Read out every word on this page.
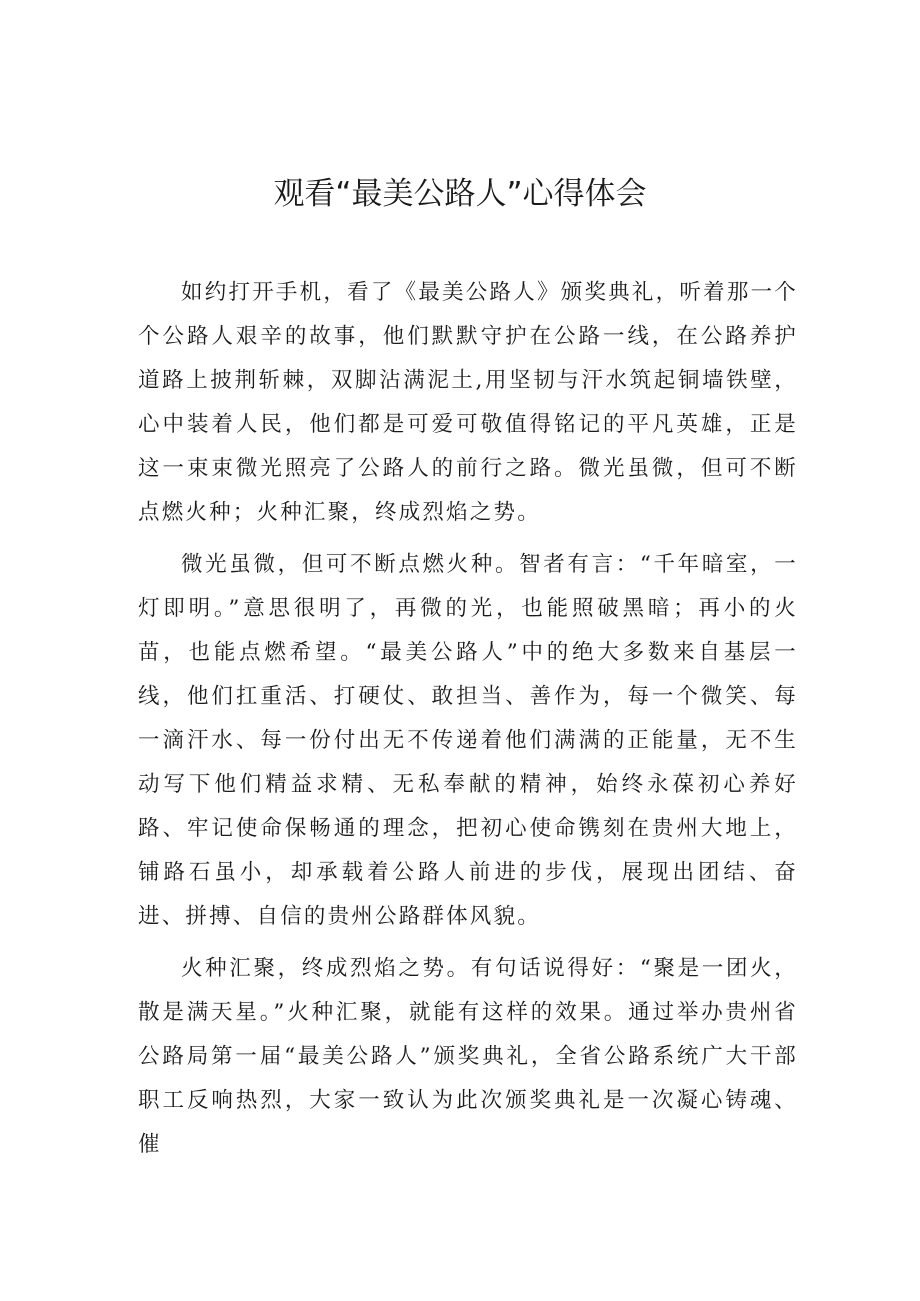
观看“最美公路人”心得体会

如约打开手机，看了《最美公路人》颁奖典礼，听着那一个个公路人艰辛的故事，他们默默守护在公路一线，在公路养护道路上披荆斩棘，双脚沾满泥土,用坚韧与汗水筑起铜墙铁壁，心中装着人民，他们都是可爱可敬值得铭记的平凡英雄，正是这一束束微光照亮了公路人的前行之路。微光虽微，但可不断点燃火种；火种汇聚，终成烈焰之势。

微光虽微，但可不断点燃火种。智者有言：“千年暗室，一灯即明。”意思很明了，再微的光，也能照破黑暗；再小的火苗，也能点燃希望。“最美公路人”中的绝大多数来自基层一线，他们扛重活、打硬仗、敢担当、善作为，每一个微笑、每一滴汗水、每一份付出无不传递着他们满满的正能量，无不生动写下他们精益求精、无私奉献的精神，始终永葆初心养好路、牢记使命保畅通的理念，把初心使命镌刻在贵州大地上，铺路石虽小，却承载着公路人前进的步伐，展现出团结、奋进、拼搏、自信的贵州公路群体风貌。

火种汇聚，终成烈焰之势。有句话说得好：“聚是一团火，散是满天星。”火种汇聚，就能有这样的效果。通过举办贵州省公路局第一届“最美公路人”颁奖典礼，全省公路系统广大干部职工反响热烈，大家一致认为此次颁奖典礼是一次凝心铸魂、催
